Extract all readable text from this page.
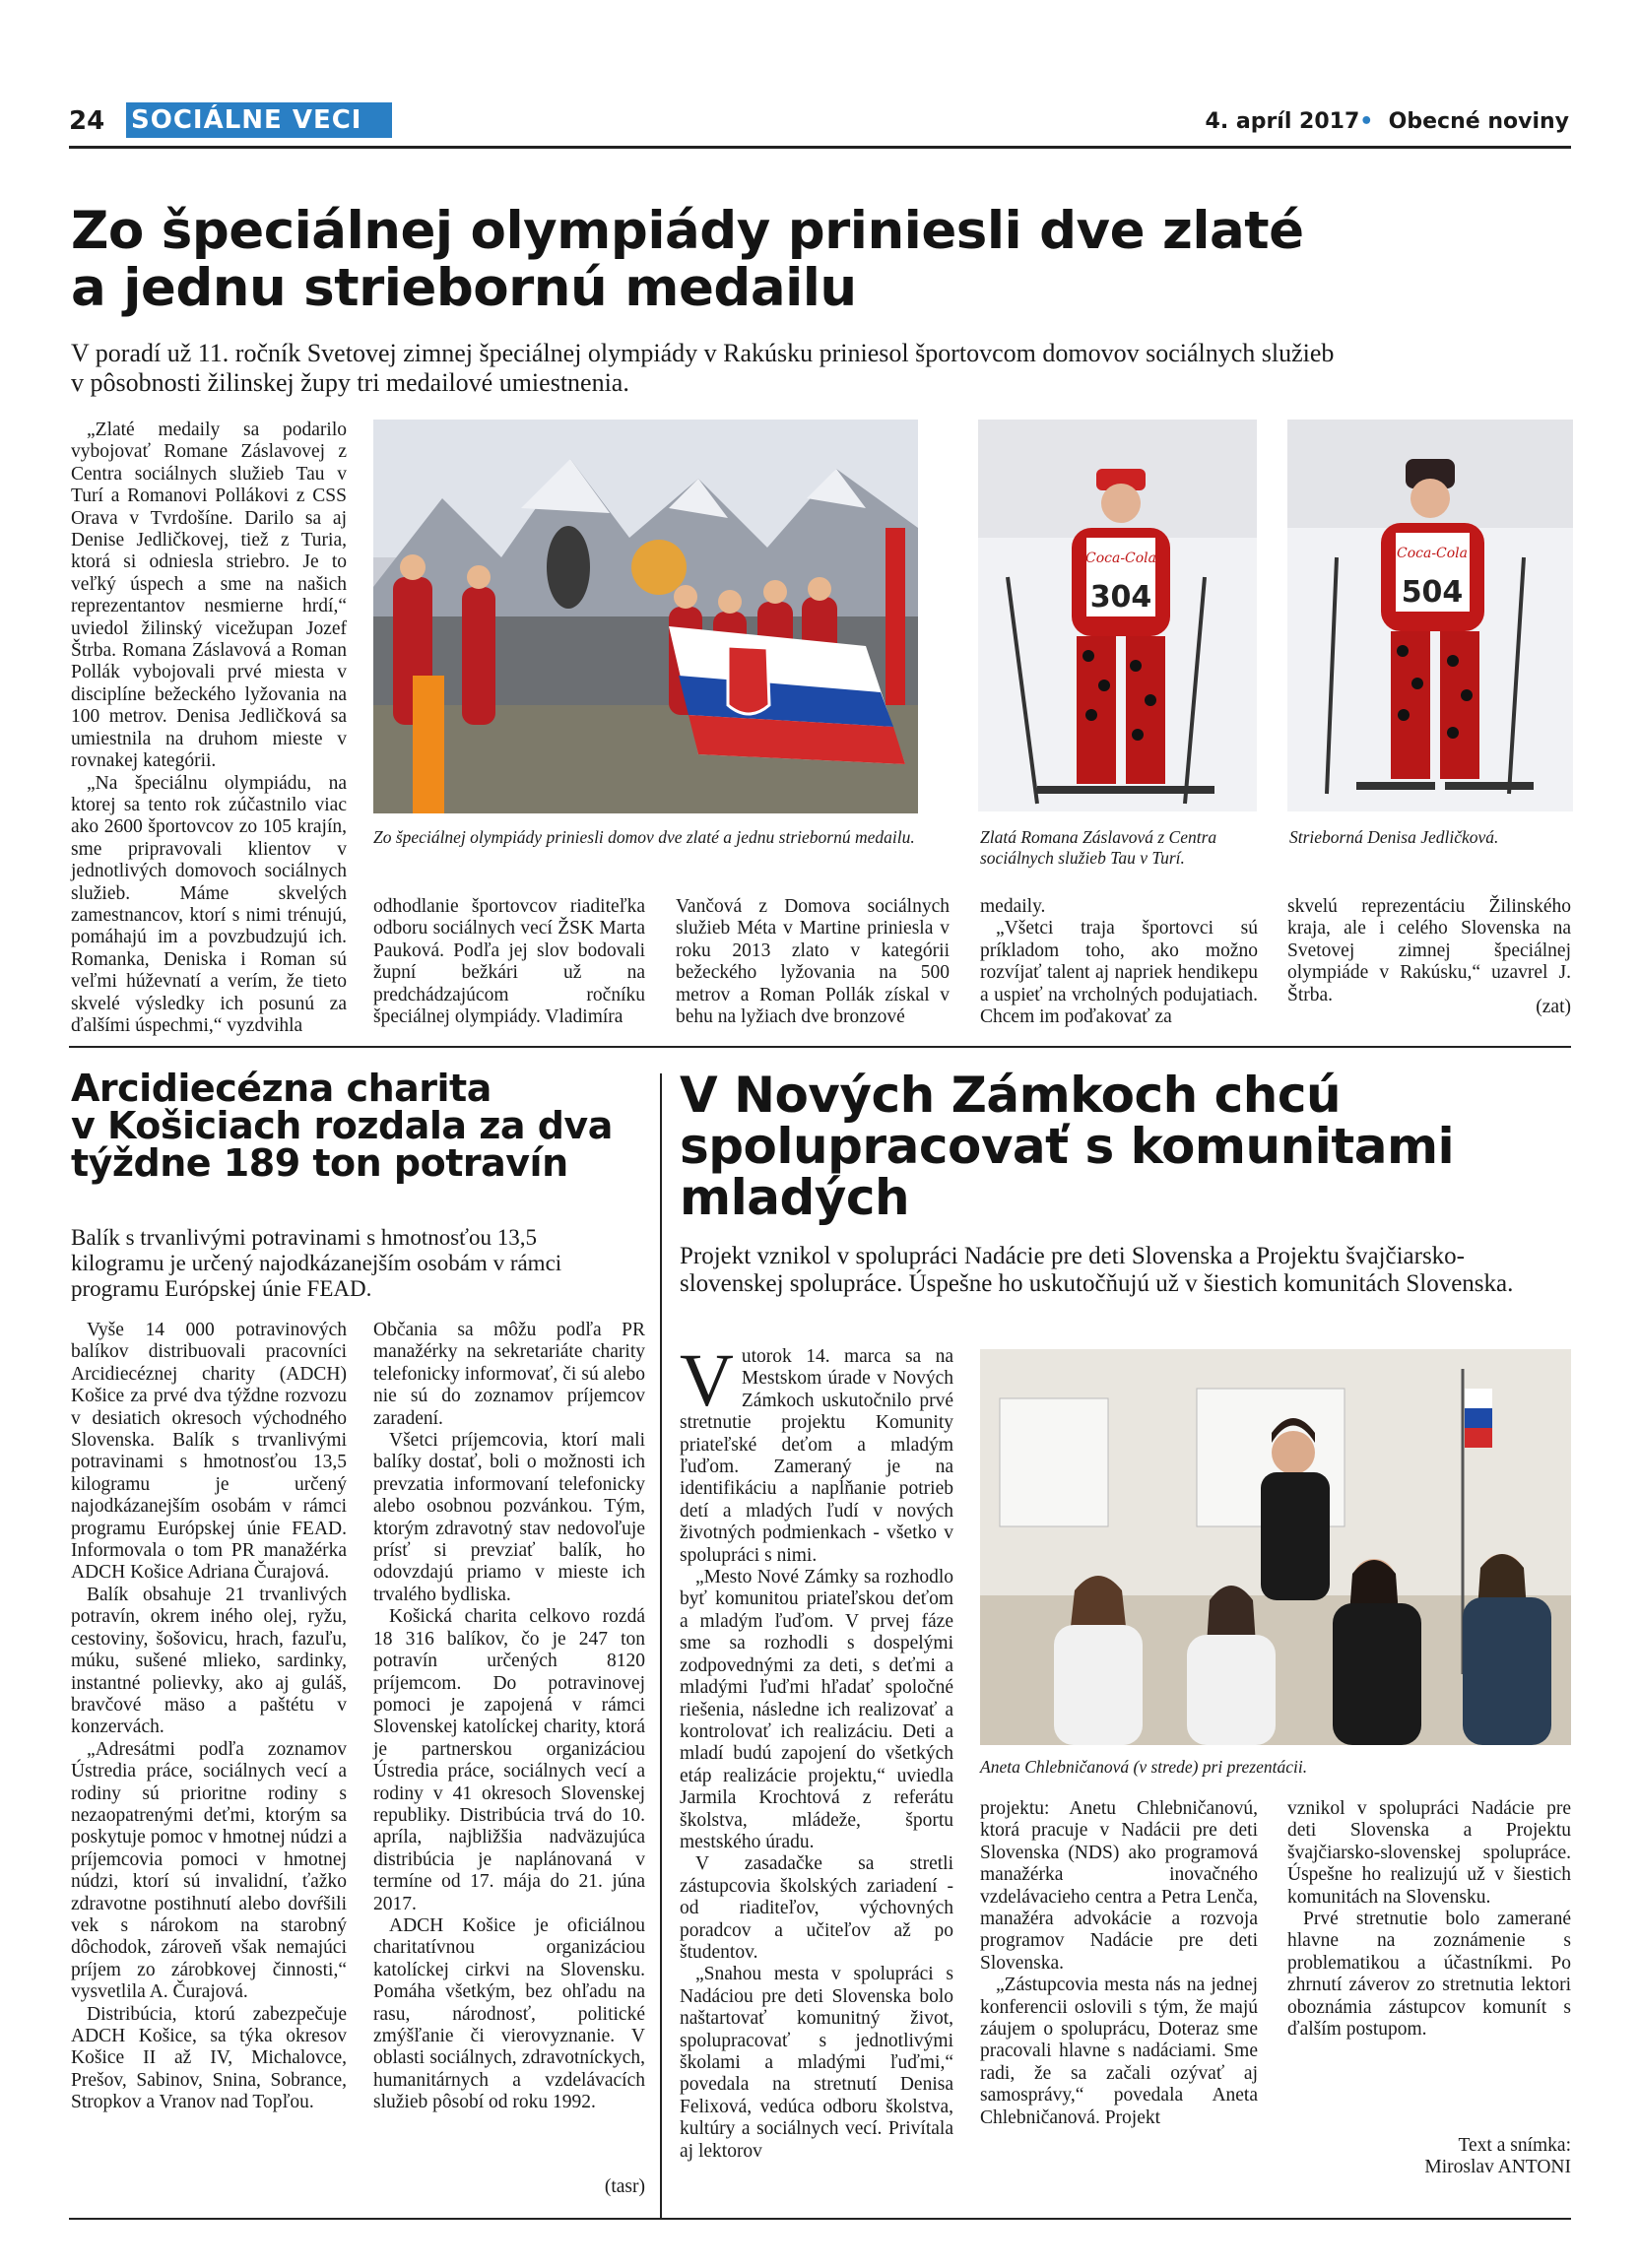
24 SOCIÁLNE VECI	4. apríl 2017• Obecné noviny
Zo špeciálnej olympiády priniesli dve zlaté
a jednu striebornú medailu
V poradí už 11. ročník Svetovej zimnej špeciálnej olympiády v Rakúsku priniesol športovcom domovov sociálnych služieb
v pôsobnosti žilinskej župy tri medailové umiestnenia.

„Zlaté medaily sa podarilo vybojovať Romane Záslavovej z Centra sociálnych služieb Tau v Turí a Romanovi Pollákovi z CSS Orava v Tvrdošíne. Darilo sa aj Denise Jedličkovej, tiež z Turia, ktorá si odniesla striebro. Je to veľký úspech a sme na našich reprezentantov nesmierne hrdí,“ uviedol žilinský vicežupan Jozef Štrba. Romana Záslavová a Roman Pollák vybojovali prvé miesta v disciplíne bežeckého lyžovania na 100 metrov. Denisa Jedličková sa umiestnila na druhom mieste v rovnakej kategórii.

„Na špeciálnu olympiádu, na ktorej sa tento rok zúčastnilo viac ako 2600 športovcov zo 105 krajín, sme pripravovali klientov v jednotlivých domovoch sociálnych služieb. Máme skvelých zamestnancov, ktorí s nimi trénujú, pomáhajú im a povzbudzujú ich. Romanka, Deniska i Roman sú veľmi húževnatí a verím, že tieto skvelé výsledky ich posunú za ďalšími úspechmi,“ vyzdvihla

Coca-Cola
304
Coca-Cola
504

Zo špeciálnej olympiády priniesli domov dve zlaté a jednu striebornú medailu.	Zlatá Romana Záslavová z Centra sociálnych služieb Tau v Turí.

Strieborná Denisa Jedličková.

odhodlanie športovcov riaditeľka odboru sociálnych vecí ŽSK Marta Pauková. Podľa jej slov bodovali župní bežkári už na predchádzajúcom ročníku špeciálnej olympiády. Vladimíra

Vančová z Domova sociálnych služieb Méta v Martine priniesla v roku 2013 zlato v kategórii bežeckého lyžovania na 500 metrov a Roman Pollák získal v behu na lyžiach dve bronzové

medaily.

„Všetci traja športovci sú príkladom toho, ako možno rozvíjať talent aj napriek hendikepu a uspieť na vrcholných podujatiach. Chcem im poďakovať za

skvelú reprezentáciu Žilinského kraja, ale i celého Slovenska na Svetovej zimnej špeciálnej olympiáde v Rakúsku,“ uzavrel J. Štrba.

(zat)
Arcidiecézna charita
v Košiciach rozdala za dva
týždne 189 ton potravín

Balík s trvanlivými potravinami s hmotnosťou 13,5 kilogramu je určený najodkázanejším osobám v rámci programu Európskej únie FEAD.

Vyše 14 000 potravinových balíkov distribuovali pracovníci Arcidiecéznej charity (ADCH) Košice za prvé dva týždne rozvozu v desiatich okresoch východného Slovenska. Balík s trvanlivými potravinami s hmotnosťou 13,5 kilogramu je určený najodkázanejším osobám v rámci programu Európskej únie FEAD. Informovala o tom PR manažérka ADCH Košice Adriana Čurajová.

Balík obsahuje 21 trvanlivých potravín, okrem iného olej, ryžu, cestoviny, šošovicu, hrach, fazuľu, múku, sušené mlieko, sardinky, instantné polievky, ako aj guláš, bravčové mäso a paštétu v konzervách.

„Adresátmi podľa zoznamov Ústredia práce, sociálnych vecí a rodiny sú prioritne rodiny s nezaopatrenými deťmi, ktorým sa poskytuje pomoc v hmotnej núdzi a príjemcovia pomoci v hmotnej núdzi, ktorí sú invalidní, ťažko zdravotne postihnutí alebo dovŕšili vek s nárokom na starobný dôchodok, zároveň však nemajúci príjem zo zárobkovej činnosti,“ vysvetlila A. Čurajová.

Distribúcia, ktorú zabezpečuje ADCH Košice, sa týka okresov Košice II až IV, Michalovce, Prešov, Sabinov, Snina, Sobrance, Stropkov a Vranov nad Topľou.

Občania sa môžu podľa PR manažérky na sekretariáte charity telefonicky informovať, či sú alebo nie sú do zoznamov príjemcov zaradení.

Všetci príjemcovia, ktorí mali balíky dostať, boli o možnosti ich prevzatia informovaní telefonicky alebo osobnou pozvánkou. Tým, ktorým zdravotný stav nedovoľuje prísť si prevziať balík, ho odovzdajú priamo v mieste ich trvalého bydliska.

Košická charita celkovo rozdá 18 316 balíkov, čo je 247 ton potravín určených 8120 príjemcom. Do potravinovej pomoci je zapojená v rámci Slovenskej katolíckej charity, ktorá je partnerskou organizáciou Ústredia práce, sociálnych vecí a rodiny v 41 okresoch Slovenskej republiky. Distribúcia trvá do 10. apríla, najbližšia nadväzujúca distribúcia je naplánovaná v termíne od 17. mája do 21. júna 2017.

ADCH Košice je oficiálnou charitatívnou organizáciou katolíckej cirkvi na Slovensku. Pomáha všetkým, bez ohľadu na rasu, národnosť, politické zmýšľanie či vierovyznanie. V oblasti sociálnych, zdravotníckych, humanitárnych a vzdelávacích služieb pôsobí od roku 1992.

(tasr)
V Nových Zámkoch chcú
spolupracovať s komunitami
mladých

Projekt vznikol v spolupráci Nadácie pre deti Slovenska a Projektu švajčiarsko-slovenskej spolupráce. Úspešne ho uskutočňujú už v šiestich komunitách Slovenska.

Vutorok 14. marca sa na Mestskom úrade v Nových Zámkoch uskutočnilo prvé stretnutie projektu Komunity priateľské deťom a mladým ľuďom. Zameraný je na identifikáciu a napĺňanie potrieb detí a mladých ľudí v nových životných podmienkach - všetko v spolupráci s nimi.

„Mesto Nové Zámky sa rozhodlo byť komunitou priateľskou deťom a mladým ľuďom. V prvej fáze sme sa rozhodli s dospelými zodpovednými za deti, s deťmi a mladými ľuďmi hľadať spoločné riešenia, následne ich realizovať a kontrolovať ich realizáciu. Deti a mladí budú zapojení do všetkých etáp realizácie projektu,“ uviedla Jarmila Krochtová z referátu školstva, mládeže, športu mestského úradu.

V zasadačke sa stretli zástupcovia školských zariadení - od riaditeľov, výchovných poradcov a učiteľov až po študentov.

„Snahou mesta v spolupráci s Nadáciou pre deti Slovenska bolo naštartovať komunitný život, spolupracovať s jednotlivými školami a mladými ľuďmi,“ povedala na stretnutí Denisa Felixová, vedúca odboru školstva, kultúry a sociálnych vecí. Privítala aj lektorov

Aneta Chlebničanová (v strede) pri prezentácii.

projektu: Anetu Chlebničanovú, ktorá pracuje v Nadácii pre deti Slovenska (NDS) ako programová manažérka inovačného vzdelávacieho centra a Petra Lenča, manažéra advokácie a rozvoja programov Nadácie pre deti Slovenska.

„Zástupcovia mesta nás na jednej konferencii oslovili s tým, že majú záujem o spoluprácu, Doteraz sme pracovali hlavne s nadáciami. Sme radi, že sa začali ozývať aj samosprávy,“ povedala Aneta Chlebničanová. Projekt

vznikol v spolupráci Nadácie pre deti Slovenska a Projektu švajčiarsko-slovenskej spolupráce. Úspešne ho realizujú už v šiestich komunitách na Slovensku.

Prvé stretnutie bolo zamerané hlavne na zoznámenie s problematikou a účastníkmi. Po zhrnutí záverov zo stretnutia lektori oboznámia zástupcov komunít s ďalším postupom.

Text a snímka:
Miroslav ANTONI
